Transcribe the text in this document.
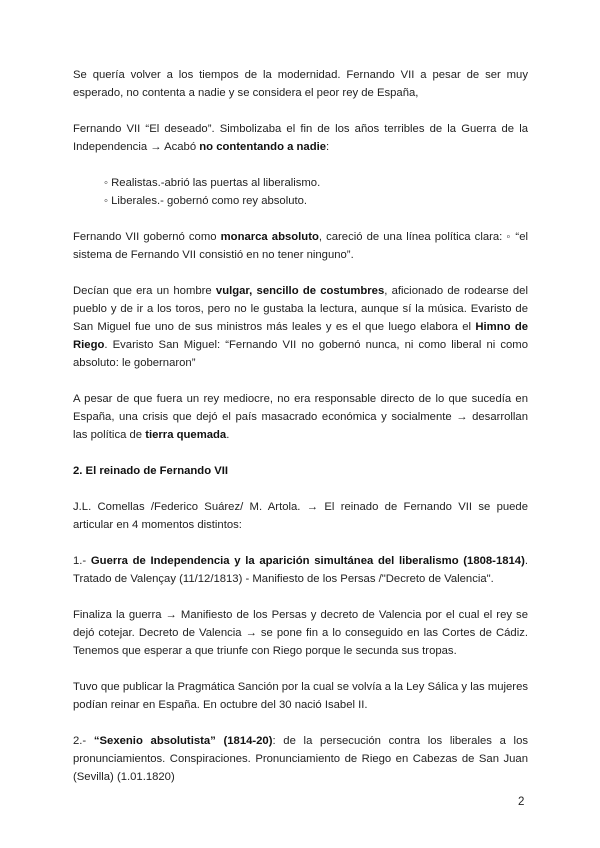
Se quería volver a los tiempos de la modernidad. Fernando VII a pesar de ser muy esperado, no contenta a nadie y se considera el peor rey de España,

Fernando VII “El deseado”. Simbolizaba el fin de los años terribles de la Guerra de la Independencia → Acabó no contentando a nadie:

◦ Realistas.-abrió las puertas al liberalismo.
◦ Liberales.- gobernó como rey absoluto.

Fernando VII gobernó como monarca absoluto, careció de una línea política clara: ◦ “el sistema de Fernando VII consistió en no tener ninguno”.

Decían que era un hombre vulgar, sencillo de costumbres, aficionado de rodearse del pueblo y de ir a los toros, pero no le gustaba la lectura, aunque sí la música. Evaristo de San Miguel fue uno de sus ministros más leales y es el que luego elabora el Himno de Riego. Evaristo San Miguel: “Fernando VII no gobernó nunca, ni como liberal ni como absoluto: le gobernaron”

A pesar de que fuera un rey mediocre, no era responsable directo de lo que sucedía en España, una crisis que dejó el país masacrado económica y socialmente → desarrollan las política de tierra quemada.

2. El reinado de Fernando VII

J.L. Comellas /Federico Suárez/ M. Artola. → El reinado de Fernando VII se puede articular en 4 momentos distintos:

1.- Guerra de Independencia y la aparición simultánea del liberalismo (1808-1814). Tratado de Valençay (11/12/1813) - Manifiesto de los Persas /"Decreto de Valencia".

Finaliza la guerra → Manifiesto de los Persas y decreto de Valencia por el cual el rey se dejó cotejar. Decreto de Valencia → se pone fin a lo conseguido en las Cortes de Cádiz. Tenemos que esperar a que triunfe con Riego porque le secunda sus tropas.

Tuvo que publicar la Pragmática Sanción por la cual se volvía a la Ley Sálica y las mujeres podían reinar en España. En octubre del 30 nació Isabel II.

2.- “Sexenio absolutista” (1814-20): de la persecución contra los liberales a los pronunciamientos. Conspiraciones. Pronunciamiento de Riego en Cabezas de San Juan (Sevilla) (1.01.1820)

2
